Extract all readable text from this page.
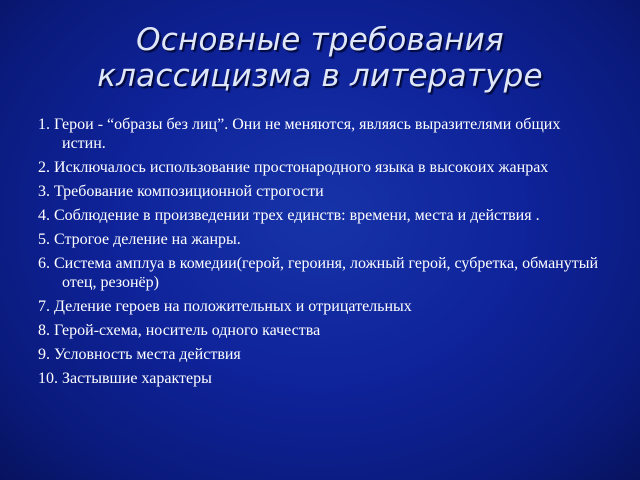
Основные требования
классицизма в литературе
1. Герои - “образы без лиц”. Они не меняются, являясь выразителями общих истин.
2. Исключалось использование простонародного языка в высокоих жанрах
3. Требование композиционной строгости
4. Соблюдение в произведении трех единств: времени, места и действия .
5. Строгое деление на жанры.
6. Система амплуа в комедии(герой, героиня, ложный герой, субретка, обманутый отец, резонёр)
7. Деление героев на положительных и отрицательных
8. Герой-схема, носитель одного качества
9. Условность места действия
10. Застывшие характеры
